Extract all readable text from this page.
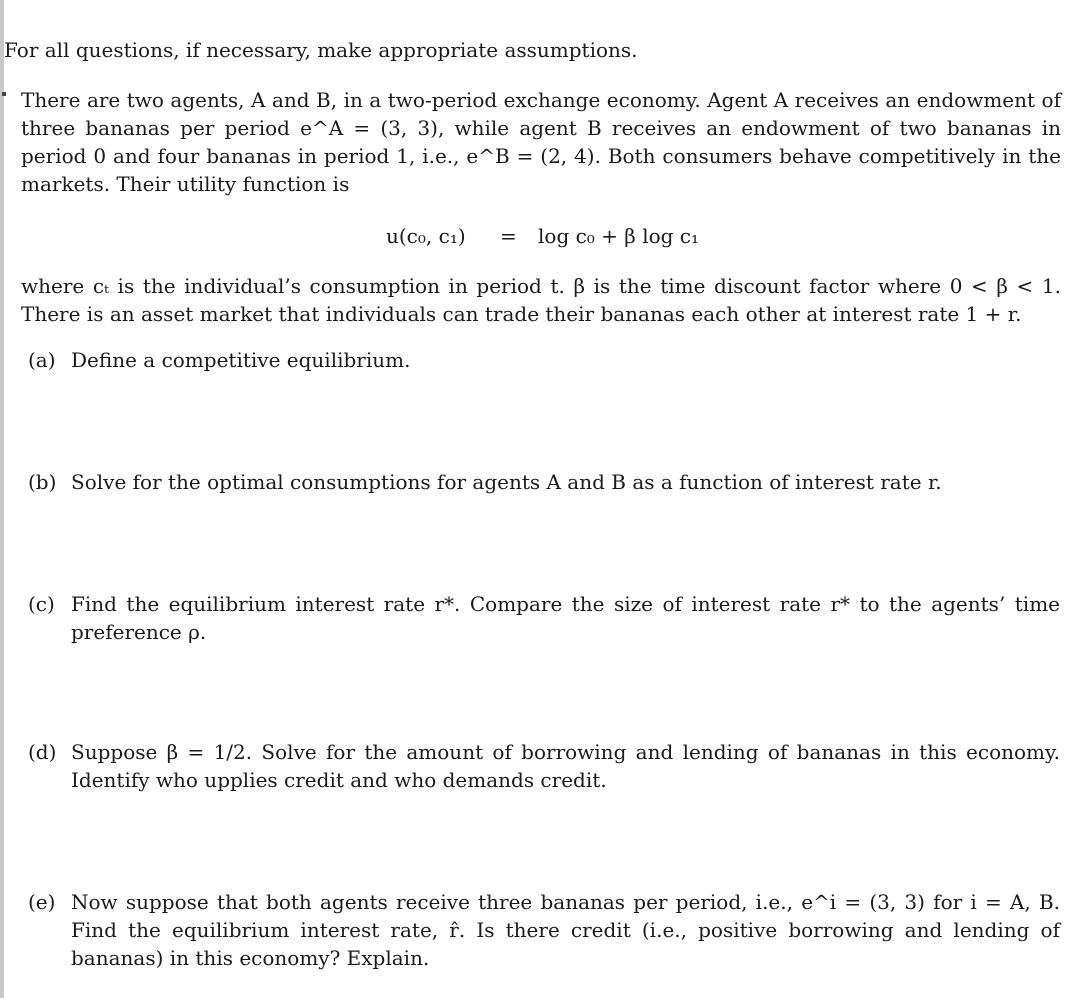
For all questions, if necessary, make appropriate assumptions.
There are two agents, A and B, in a two-period exchange economy. Agent A receives an endowment of three bananas per period e^A = (3, 3), while agent B receives an endowment of two bananas in period 0 and four bananas in period 1, i.e., e^B = (2, 4). Both consumers behave competitively in the markets. Their utility function is
u(c₀, c₁) = log c₀ + β log c₁
where cₜ is the individual’s consumption in period t. β is the time discount factor where 0 < β < 1. There is an asset market that individuals can trade their bananas each other at interest rate 1 + r.
(a) Define a competitive equilibrium.
(b) Solve for the optimal consumptions for agents A and B as a function of interest rate r.
(c) Find the equilibrium interest rate r*. Compare the size of interest rate r* to the agents’ time preference ρ.
(d) Suppose β = 1/2. Solve for the amount of borrowing and lending of bananas in this economy. Identify who upplies credit and who demands credit.
(e) Now suppose that both agents receive three bananas per period, i.e., e^i = (3, 3) for i = A, B. Find the equilibrium interest rate, r̂. Is there credit (i.e., positive borrowing and lending of bananas) in this economy? Explain.
